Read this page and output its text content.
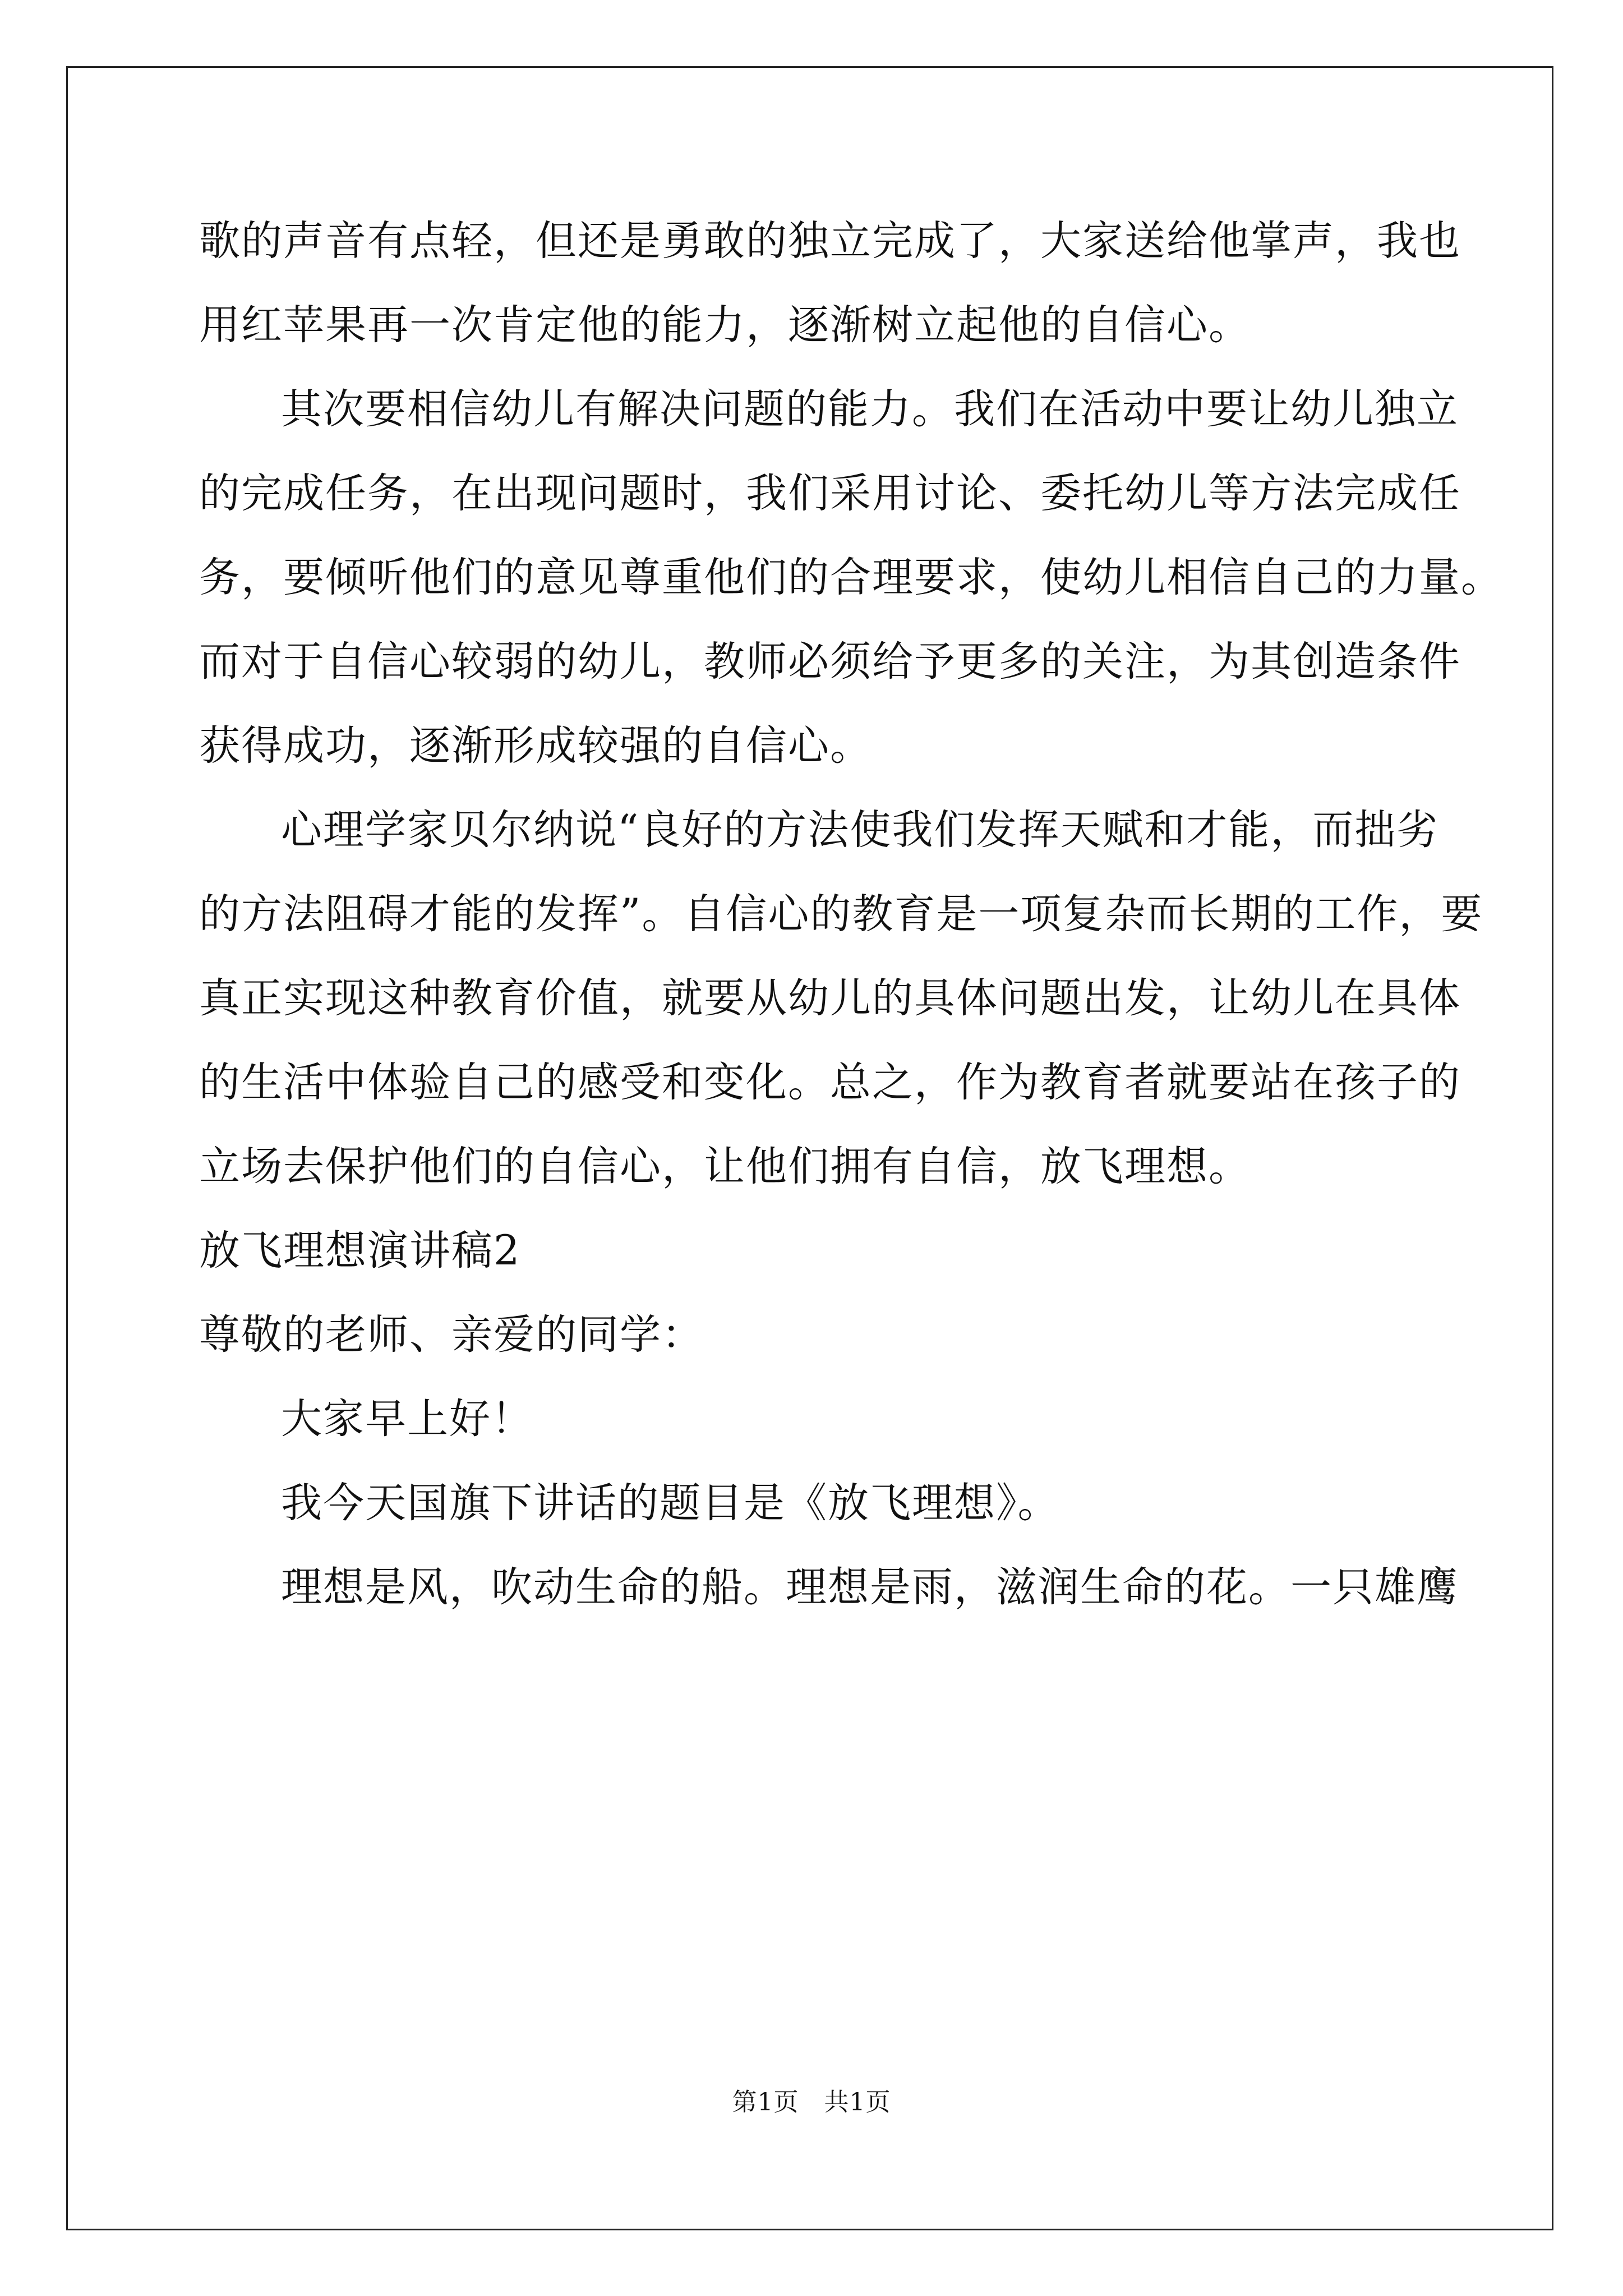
歌的声音有点轻，但还是勇敢的独立完成了，大家送给他掌声，我也
用红苹果再一次肯定他的能力，逐渐树立起他的自信心。
其次要相信幼儿有解决问题的能力。我们在活动中要让幼儿独立
的完成任务，在出现问题时，我们采用讨论、委托幼儿等方法完成任
务，要倾听他们的意见尊重他们的合理要求，使幼儿相信自己的力量。
而对于自信心较弱的幼儿，教师必须给予更多的关注，为其创造条件
获得成功，逐渐形成较强的自信心。
心理学家贝尔纳说“良好的方法使我们发挥天赋和才能，而拙劣
的方法阻碍才能的发挥”。自信心的教育是一项复杂而长期的工作，要
真正实现这种教育价值，就要从幼儿的具体问题出发，让幼儿在具体
的生活中体验自己的感受和变化。总之，作为教育者就要站在孩子的
立场去保护他们的自信心，让他们拥有自信，放飞理想。
放飞理想演讲稿2
尊敬的老师、亲爱的同学：
大家早上好！
我今天国旗下讲话的题目是《放飞理想》。
理想是风，吹动生命的船。理想是雨，滋润生命的花。一只雄鹰
第1页　共1页
